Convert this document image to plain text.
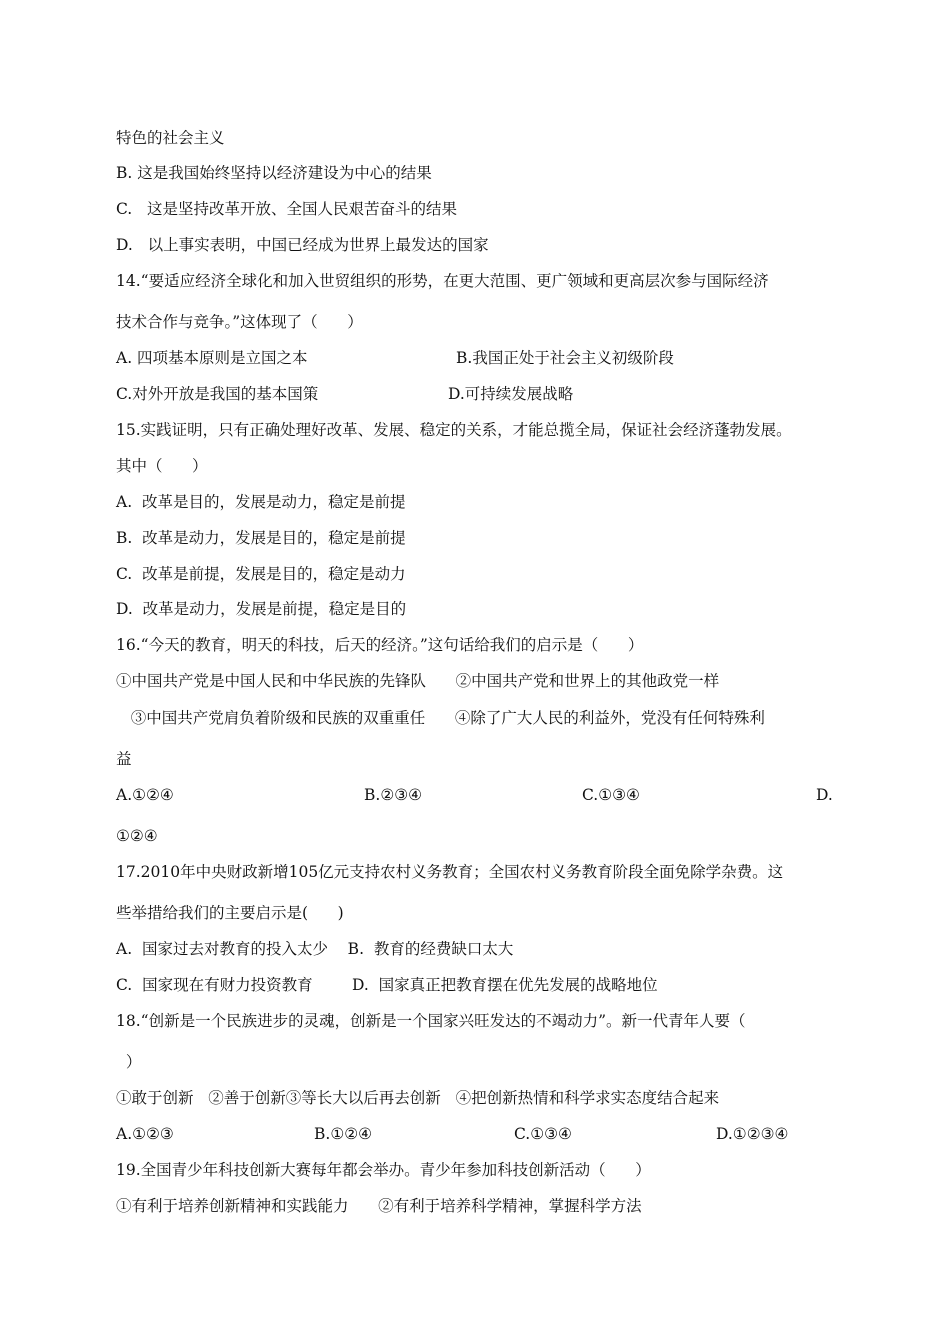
特色的社会主义
B. 这是我国始终坚持以经济建设为中心的结果
C.   这是坚持改革开放、全国人民艰苦奋斗的结果
D.   以上事实表明，中国已经成为世界上最发达的国家
14.“要适应经济全球化和加入世贸组织的形势，在更大范围、更广领域和更高层次参与国际经济
技术合作与竞争。”这体现了（      ）
A. 四项基本原则是立国之本	B.我国正处于社会主义初级阶段
C.对外开放是我国的基本国策	D.可持续发展战略
15.实践证明，只有正确处理好改革、发展、稳定的关系，才能总揽全局，保证社会经济蓬勃发展。
其中（      ）
A.  改革是目的，发展是动力，稳定是前提
B.  改革是动力，发展是目的，稳定是前提
C.  改革是前提，发展是目的，稳定是动力
D.  改革是动力，发展是前提，稳定是目的
16.“今天的教育，明天的科技，后天的经济。”这句话给我们的启示是（      ）
①中国共产党是中国人民和中华民族的先锋队      ②中国共产党和世界上的其他政党一样
③中国共产党肩负着阶级和民族的双重重任      ④除了广大人民的利益外，党没有任何特殊利
益
A.①②④	B.②③④	C.①③④	D.
①②④
17.2010年中央财政新增105亿元支持农村义务教育；全国农村义务教育阶段全面免除学杂费。这
些举措给我们的主要启示是(      )
A.  国家过去对教育的投入太少    B.  教育的经费缺口太大
C.  国家现在有财力投资教育        D.  国家真正把教育摆在优先发展的战略地位
18.“创新是一个民族进步的灵魂，创新是一个国家兴旺发达的不竭动力”。新一代青年人要（
）
①敢于创新   ②善于创新③等长大以后再去创新   ④把创新热情和科学求实态度结合起来
A.①②③	B.①②④	C.①③④	D.①②③④
19.全国青少年科技创新大赛每年都会举办。青少年参加科技创新活动（      ）
①有利于培养创新精神和实践能力      ②有利于培养科学精神，掌握科学方法
